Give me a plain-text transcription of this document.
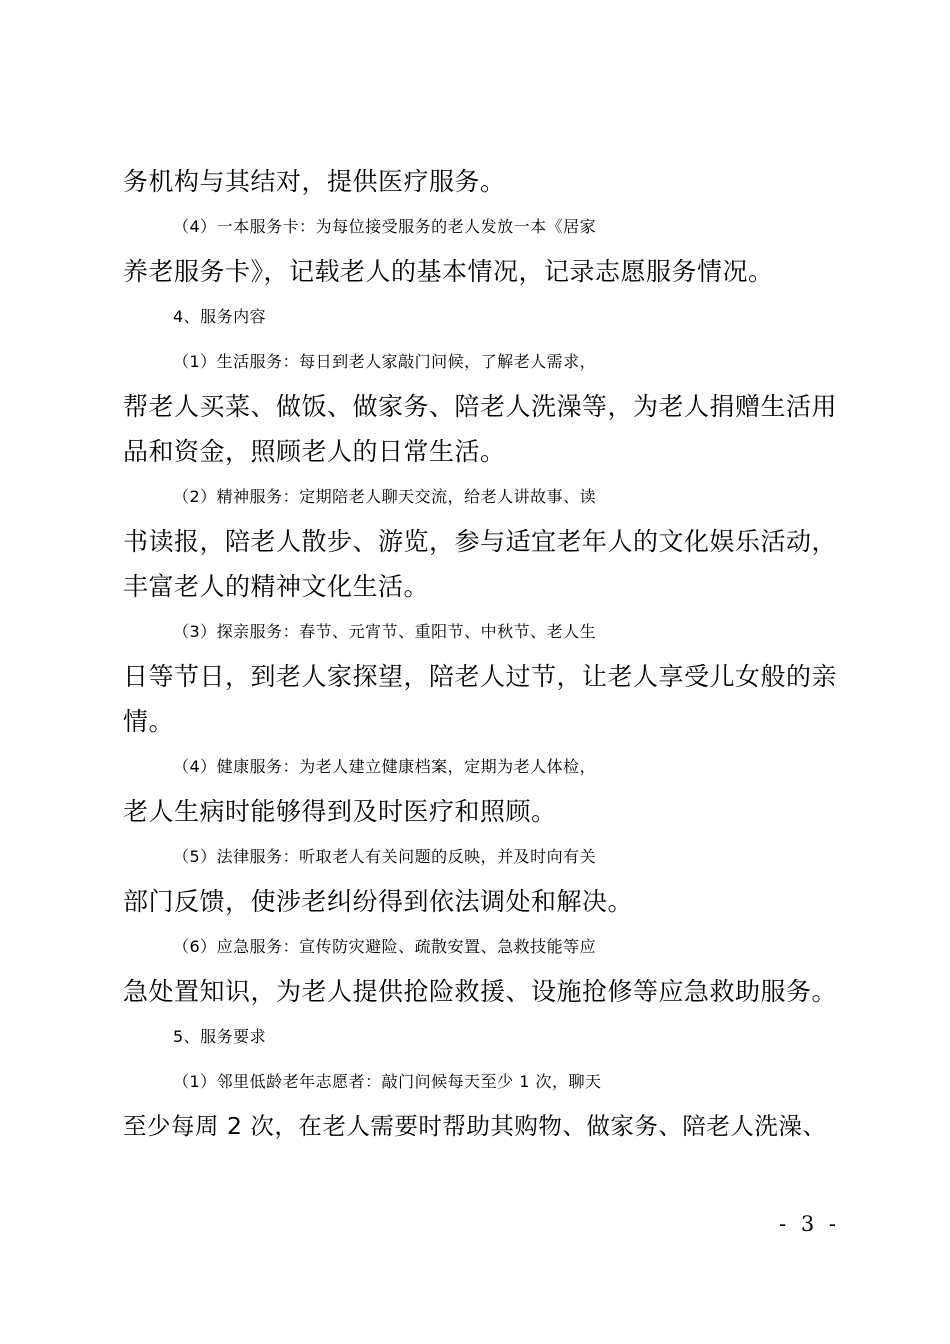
务机构与其结对，提供医疗服务。
（4）一本服务卡：为每位接受服务的老人发放一本《居家
养老服务卡》，记载老人的基本情况，记录志愿服务情况。
4、服务内容
（1）生活服务：每日到老人家敲门问候，了解老人需求，
帮老人买菜、做饭、做家务、陪老人洗澡等，为老人捐赠生活用
品和资金，照顾老人的日常生活。
（2）精神服务：定期陪老人聊天交流，给老人讲故事、读
书读报，陪老人散步、游览，参与适宜老年人的文化娱乐活动，
丰富老人的精神文化生活。
（3）探亲服务：春节、元宵节、重阳节、中秋节、老人生
日等节日，到老人家探望，陪老人过节，让老人享受儿女般的亲
情。
（4）健康服务：为老人建立健康档案，定期为老人体检，
老人生病时能够得到及时医疗和照顾。
（5）法律服务：听取老人有关问题的反映，并及时向有关
部门反馈，使涉老纠纷得到依法调处和解决。
（6）应急服务：宣传防灾避险、疏散安置、急救技能等应
急处置知识，为老人提供抢险救援、设施抢修等应急救助服务。
5、服务要求
（1）邻里低龄老年志愿者：敲门问候每天至少 1 次，聊天
至少每周 2 次，在老人需要时帮助其购物、做家务、陪老人洗澡、
- 3 -
